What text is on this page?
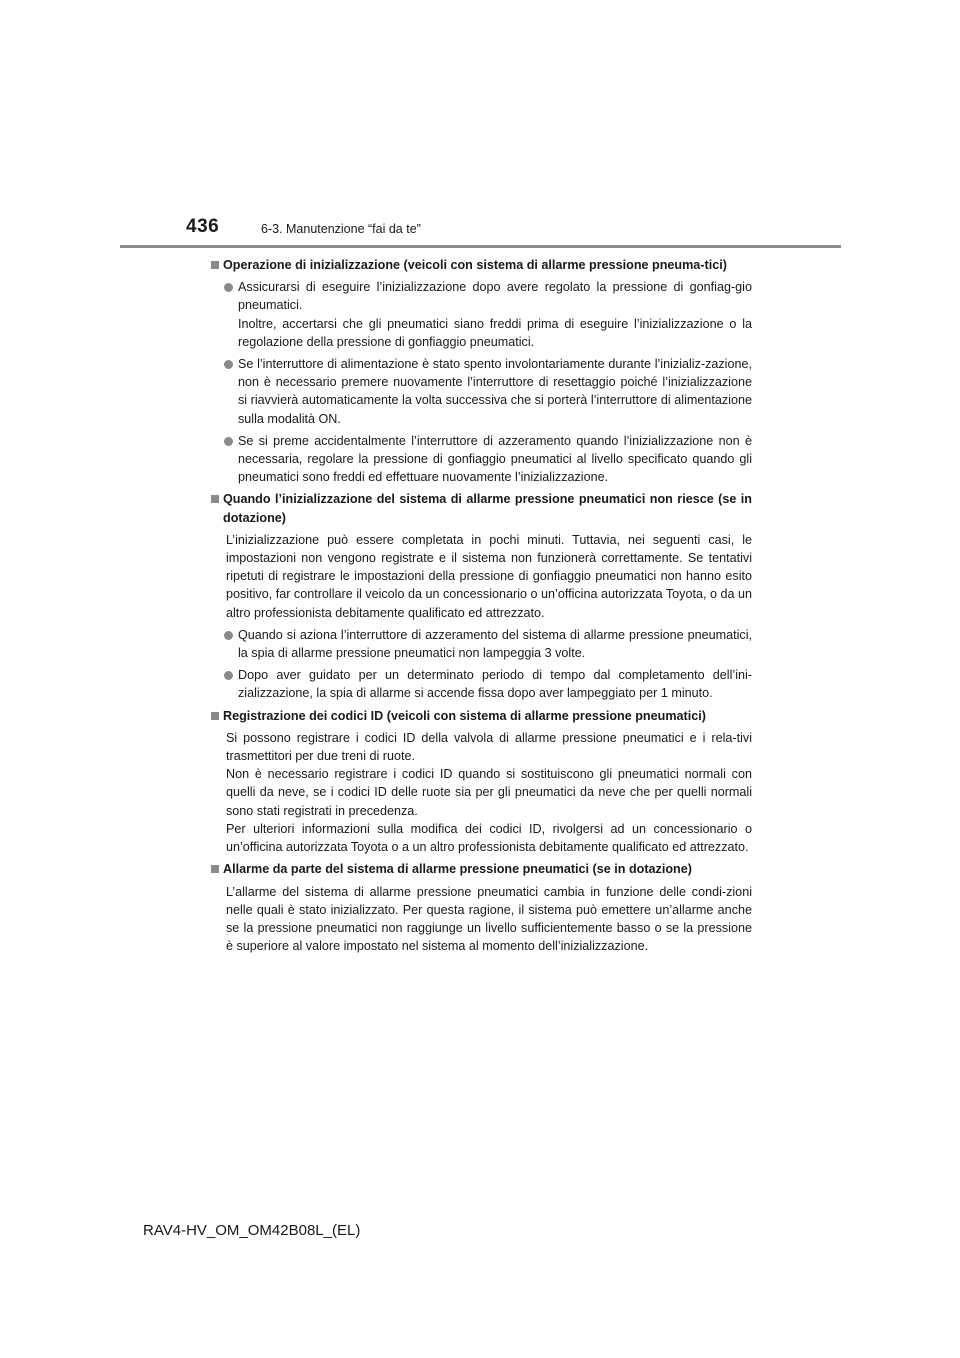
436	6-3. Manutenzione “fai da te”
Operazione di inizializzazione (veicoli con sistema di allarme pressione pneuma-tici)
Assicurarsi di eseguire l’inizializzazione dopo avere regolato la pressione di gonfiag-gio pneumatici.
Inoltre, accertarsi che gli pneumatici siano freddi prima di eseguire l’inizializzazione o la regolazione della pressione di gonfiaggio pneumatici.
Se l’interruttore di alimentazione è stato spento involontariamente durante l’inizializ-zazione, non è necessario premere nuovamente l’interruttore di resettaggio poiché l’inizializzazione si riavvierà automaticamente la volta successiva che si porterà l’interruttore di alimentazione sulla modalità ON.
Se si preme accidentalmente l’interruttore di azzeramento quando l’inizializzazione non è necessaria, regolare la pressione di gonfiaggio pneumatici al livello specificato quando gli pneumatici sono freddi ed effettuare nuovamente l’inizializzazione.
Quando l’inizializzazione del sistema di allarme pressione pneumatici non riesce (se in dotazione)
L’inizializzazione può essere completata in pochi minuti. Tuttavia, nei seguenti casi, le impostazioni non vengono registrate e il sistema non funzionerà correttamente. Se tentativi ripetuti di registrare le impostazioni della pressione di gonfiaggio pneumatici non hanno esito positivo, far controllare il veicolo da un concessionario o un’officina autorizzata Toyota, o da un altro professionista debitamente qualificato ed attrezzato.
Quando si aziona l’interruttore di azzeramento del sistema di allarme pressione pneumatici, la spia di allarme pressione pneumatici non lampeggia 3 volte.
Dopo aver guidato per un determinato periodo di tempo dal completamento dell’ini-zializzazione, la spia di allarme si accende fissa dopo aver lampeggiato per 1 minuto.
Registrazione dei codici ID (veicoli con sistema di allarme pressione pneumatici)
Si possono registrare i codici ID della valvola di allarme pressione pneumatici e i rela-tivi trasmettitori per due treni di ruote.
Non è necessario registrare i codici ID quando si sostituiscono gli pneumatici normali con quelli da neve, se i codici ID delle ruote sia per gli pneumatici da neve che per quelli normali sono stati registrati in precedenza.
Per ulteriori informazioni sulla modifica dei codici ID, rivolgersi ad un concessionario o un’officina autorizzata Toyota o a un altro professionista debitamente qualificato ed attrezzato.
Allarme da parte del sistema di allarme pressione pneumatici (se in dotazione)
L’allarme del sistema di allarme pressione pneumatici cambia in funzione delle condi-zioni nelle quali è stato inizializzato. Per questa ragione, il sistema può emettere un’allarme anche se la pressione pneumatici non raggiunge un livello sufficientemente basso o se la pressione è superiore al valore impostato nel sistema al momento dell’inizializzazione.
RAV4-HV_OM_OM42B08L_(EL)
